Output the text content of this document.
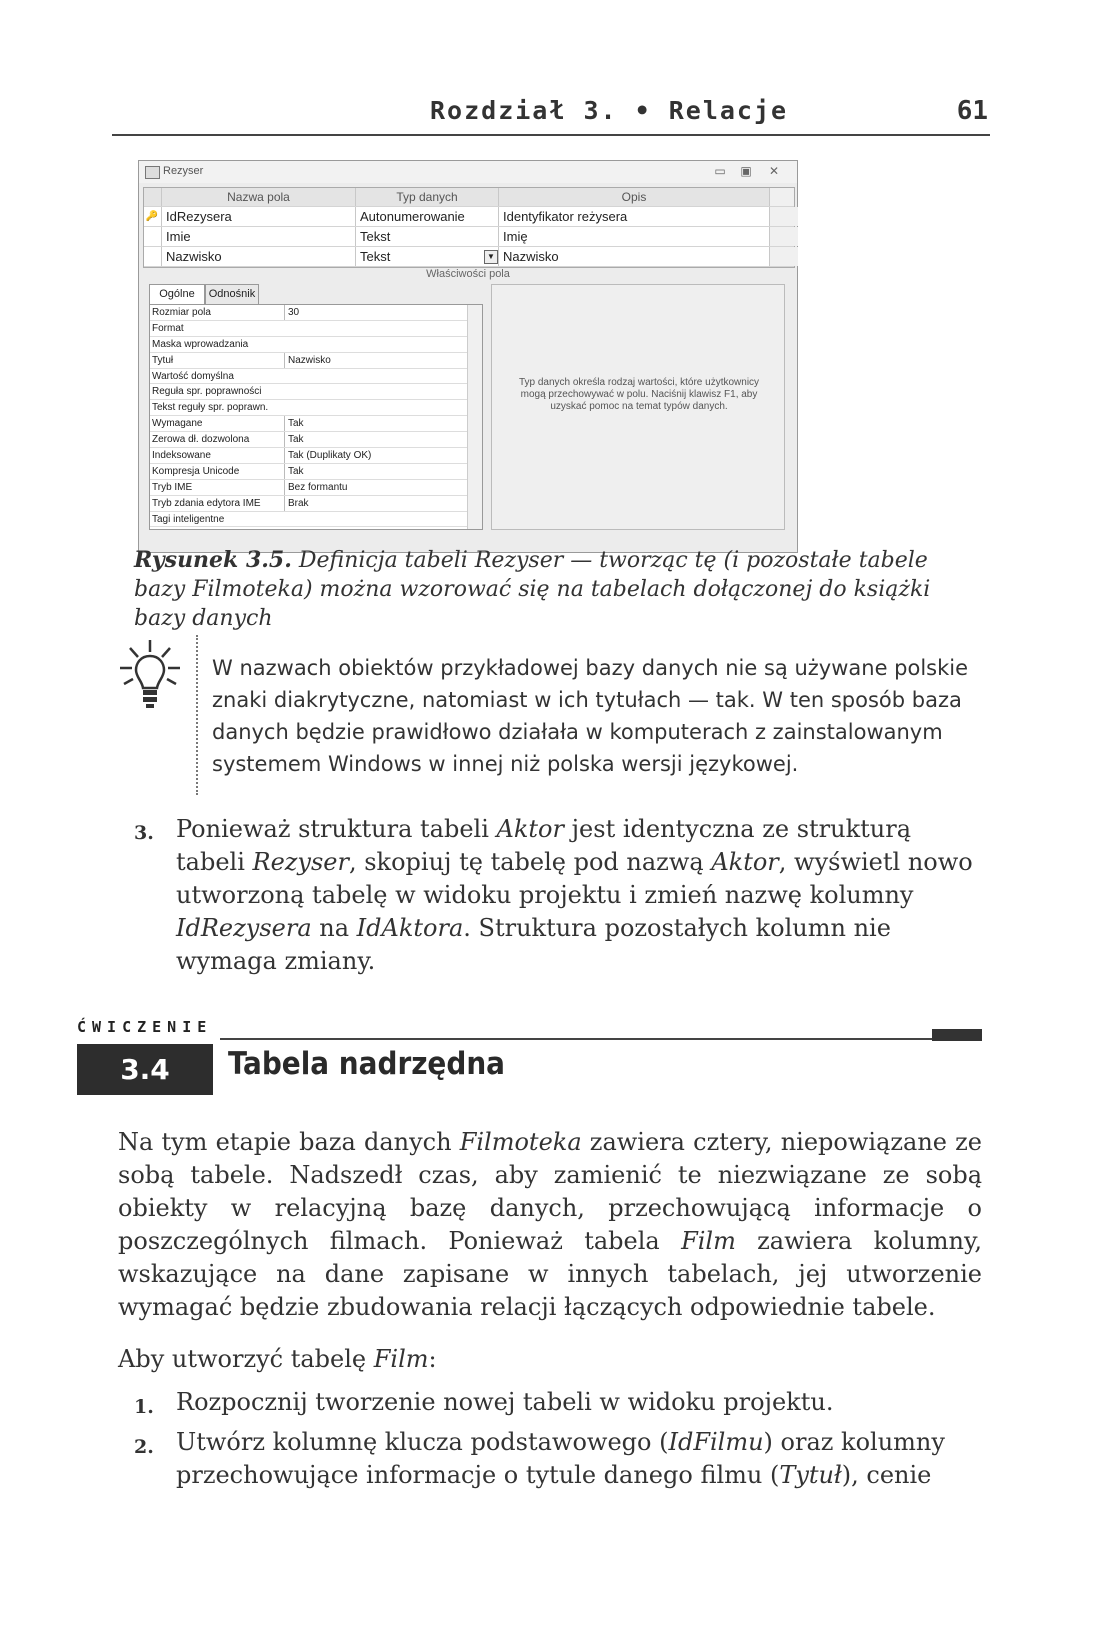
Rozdział 3. • Relacje	61
Rezyser	▭ ▣	✕
Nazwa pola	Typ danych	Opis
🔑 IdRezysera	Autonumerowanie	Identyfikator reżysera
Imie	Tekst	Imię
Nazwisko	Tekst	▼ Nazwisko
Właściwości pola
Ogólne	Odnośnik
Rozmiar pola	30
Format
Maska wprowadzania
Tytuł	Nazwisko
Wartość domyślna
Reguła spr. poprawności
Tekst reguły spr. poprawn.
Wymagane	Tak
Zerowa dł. dozwolona	Tak
Indeksowane	Tak (Duplikaty OK)
Kompresja Unicode	Tak
Tryb IME	Bez formantu
Tryb zdania edytora IME	Brak
Tagi inteligentne
Typ danych określa rodzaj wartości, które użytkownicy mogą przechowywać w polu. Naciśnij klawisz F1, aby uzyskać pomoc na temat typów danych.
Rysunek 3.5. Definicja tabeli Rezyser — tworząc tę (i pozostałe tabele bazy Filmoteka) można wzorować się na tabelach dołączonej do książki bazy danych
W nazwach obiektów przykładowej bazy danych nie są używane polskie znaki diakrytyczne, natomiast w ich tytułach — tak. W ten sposób baza danych będzie prawidłowo działała w komputerach z zainstalowanym systemem Windows w innej niż polska wersji językowej.
3. Ponieważ struktura tabeli Aktor jest identyczna ze strukturą tabeli Rezyser, skopiuj tę tabelę pod nazwą Aktor, wyświetl nowo utworzoną tabelę w widoku projektu i zmień nazwę kolumny IdRezysera na IdAktora. Struktura pozostałych kolumn nie wymaga zmiany.
ĆWICZENIE
3.4	Tabela nadrzędna
Na tym etapie baza danych Filmoteka zawiera cztery, niepowiązane ze sobą tabele. Nadszedł czas, aby zamienić te niezwiązane ze sobą obiekty w relacyjną bazę danych, przechowującą informacje o poszczególnych filmach. Ponieważ tabela Film zawiera kolumny, wskazujące na dane zapisane w innych tabelach, jej utworzenie wymagać będzie zbudowania relacji łączących odpowiednie tabele.
Aby utworzyć tabelę Film:
1. Rozpocznij tworzenie nowej tabeli w widoku projektu.
2. Utwórz kolumnę klucza podstawowego (IdFilmu) oraz kolumny przechowujące informacje o tytule danego filmu (Tytuł), cenie
